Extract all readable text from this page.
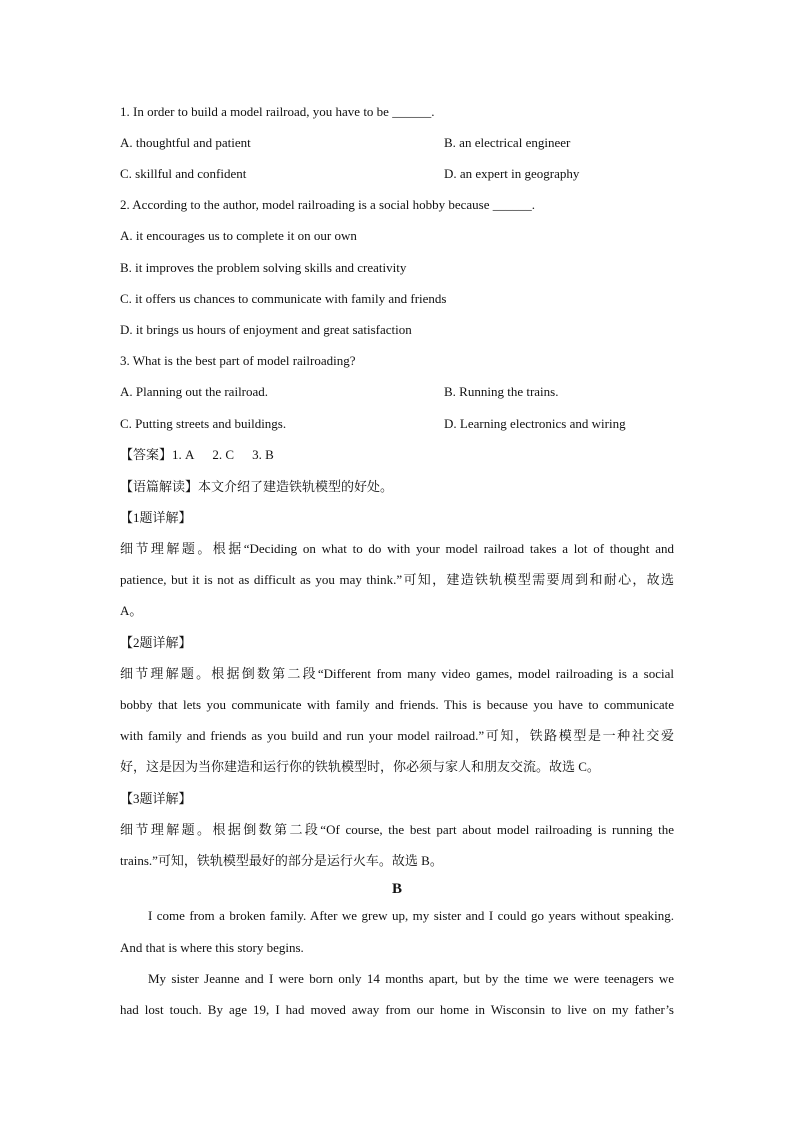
1. In order to build a model railroad, you have to be ______.
A. thoughtful and patient	B. an electrical engineer
C. skillful and confident	D. an expert in geography
2. According to the author, model railroading is a social hobby because ______.
A. it encourages us to complete it on our own
B. it improves the problem solving skills and creativity
C. it offers us chances to communicate with family and friends
D. it brings us hours of enjoyment and great satisfaction
3. What is the best part of model railroading?
A. Planning out the railroad.	B. Running the trains.
C. Putting streets and buildings.	D. Learning electronics and wiring
【答案】1. A 2. C 3. B
【语篇解读】本文介绍了建造铁轨模型的好处。
【1题详解】
细节理解题。根据“Deciding on what to do with your model railroad takes a lot of thought and
patience, but it is not as difficult as you may think.”可知，建造铁轨模型需要周到和耐心，故选
A。
【2题详解】
细节理解题。根据倒数第二段“Different from many video games, model railroading is a social
bobby that lets you communicate with family and friends. This is because you have to communicate
with family and friends as you build and run your model railroad.”可知，铁路模型是一种社交爱
好，这是因为当你建造和运行你的铁轨模型时，你必须与家人和朋友交流。故选 C。
【3题详解】
细节理解题。根据倒数第二段“Of course, the best part about model railroading is running the
trains.”可知，铁轨模型最好的部分是运行火车。故选 B。
B
I come from a broken family. After we grew up, my sister and I could go years without speaking.
And that is where this story begins.
My sister Jeanne and I were born only 14 months apart, but by the time we were teenagers we
had lost touch. By age 19, I had moved away from our home in Wisconsin to live on my father’s
